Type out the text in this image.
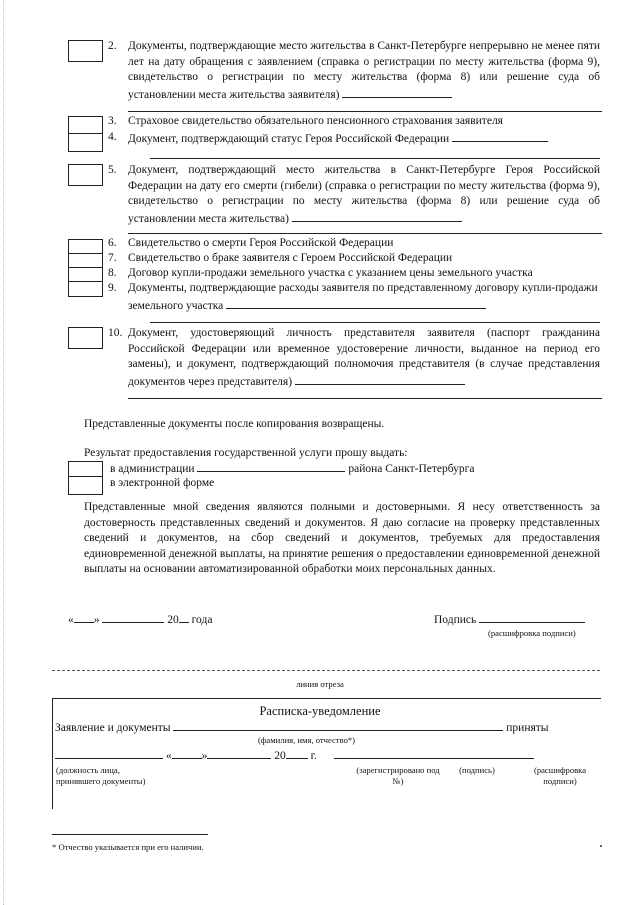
2. Документы, подтверждающие место жительства в Санкт-Петербурге непрерывно не менее пяти лет на дату обращения с заявлением (справка о регистрации по месту жительства (форма 9), свидетельство о регистрации по месту жительства (форма 8) или решение суда об установлении места жительства заявителя)
3. Страховое свидетельство обязательного пенсионного страхования заявителя
4. Документ, подтверждающий статус Героя Российской Федерации
5. Документ, подтверждающий место жительства в Санкт-Петербурге Героя Российской Федерации на дату его смерти (гибели) (справка о регистрации по месту жительства (форма 9), свидетельство о регистрации по месту жительства (форма 8) или решение суда об установлении места жительства)
6. Свидетельство о смерти Героя Российской Федерации
7. Свидетельство о браке заявителя с Героем Российской Федерации
8. Договор купли-продажи земельного участка с указанием цены земельного участка
9. Документы, подтверждающие расходы заявителя по представленному договору купли-продажи земельного участка
10. Документ, удостоверяющий личность представителя заявителя (паспорт гражданина Российской Федерации или временное удостоверение личности, выданное на период его замены), и документ, подтверждающий полномочия представителя (в случае представления документов через представителя)
Представленные документы после копирования возвращены.
Результат предоставления государственной услуги прошу выдать:
в администрации	района Санкт-Петербурга
в электронной форме
Представленные мной сведения являются полными и достоверными. Я несу ответственность за достоверность представленных сведений и документов. Я даю согласие на проверку представленных сведений и документов, на сбор сведений и документов, требуемых для предоставления единовременной денежной выплаты, на принятие решения о предоставлении единовременной денежной выплаты на основании автоматизированной обработки моих персональных данных.
« »	20 года	Подпись
(расшифровка подписи)
линия отреза
Расписка-уведомление
Заявление и документы	приняты
(фамилия, имя, отчество*)
«	»	20 г.
(должность лица, принявшего документы)
(зарегистрировано под №)
(подпись)	(расшифровка подписи)
* Отчество указывается при его наличии.
